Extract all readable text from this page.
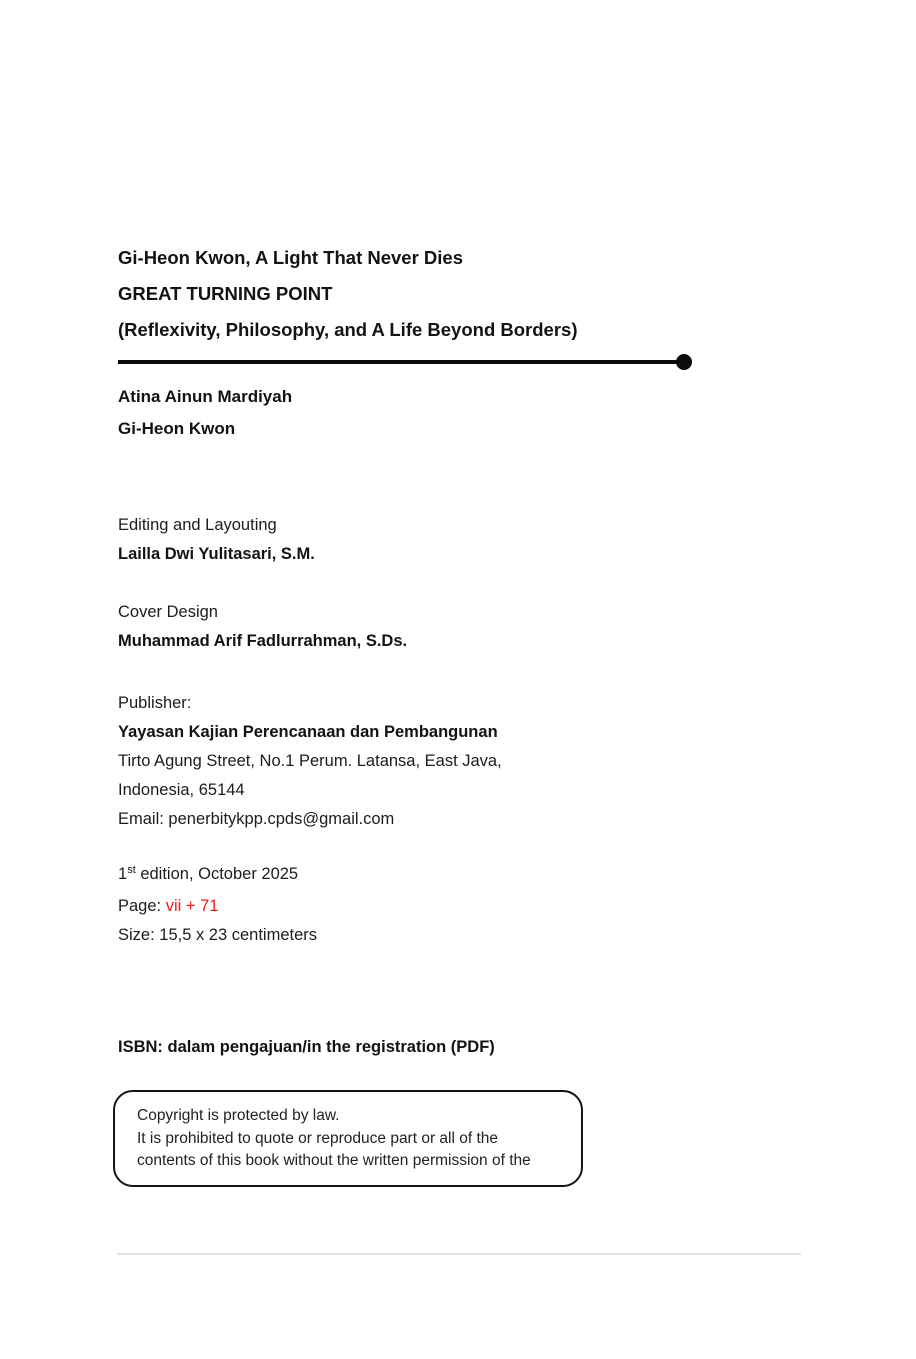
Gi-Heon Kwon, A Light That Never Dies
GREAT TURNING POINT
(Reflexivity, Philosophy, and A Life Beyond Borders)
Atina Ainun Mardiyah
Gi-Heon Kwon
Editing and Layouting
Lailla Dwi Yulitasari, S.M.
Cover Design
Muhammad Arif Fadlurrahman, S.Ds.
Publisher:
Yayasan Kajian Perencanaan dan Pembangunan
Tirto Agung Street, No.1 Perum. Latansa, East Java,
Indonesia, 65144
Email: penerbitykpp.cpds@gmail.com
1st edition, October 2025
Page: vii + 71
Size: 15,5 x 23 centimeters
ISBN: dalam pengajuan/in the registration (PDF)
Copyright is protected by law.
It is prohibited to quote or reproduce part or all of the
contents of this book without the written permission of the
